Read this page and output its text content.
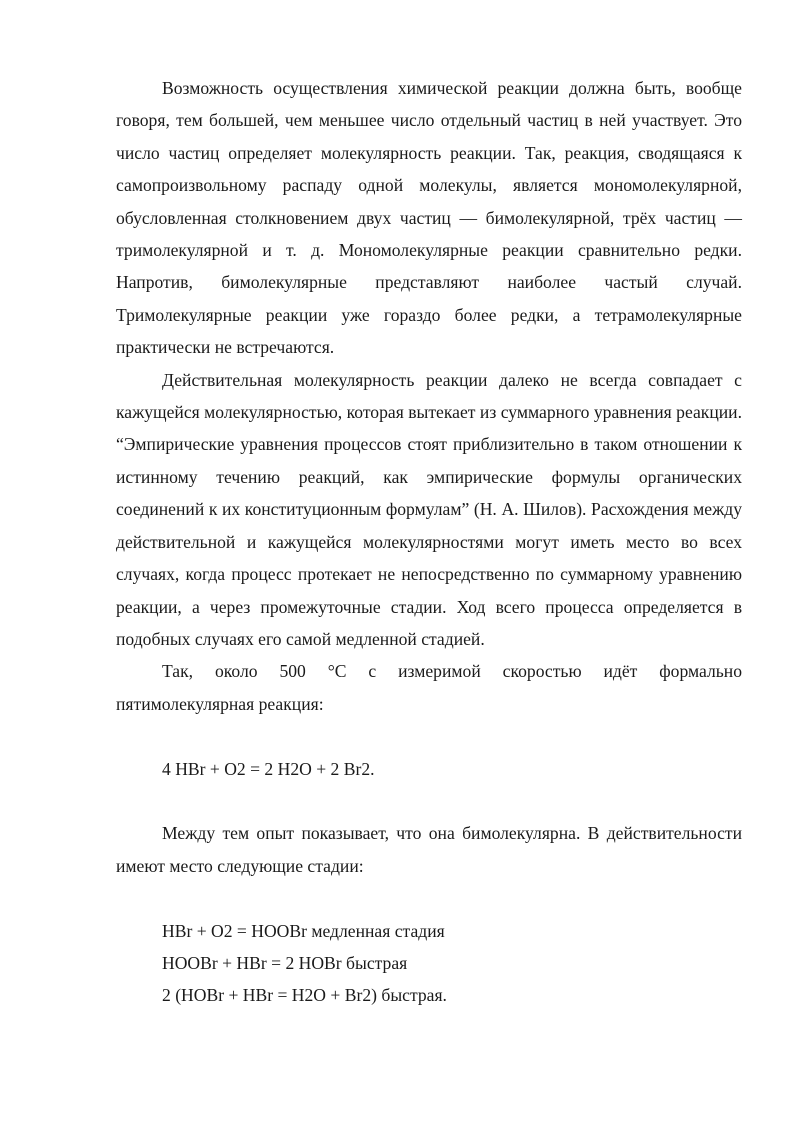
Возможность осуществления химической реакции должна быть, вообще говоря, тем большей, чем меньшее число отдельный частиц в ней участвует. Это число частиц определяет молекулярность реакции. Так, реакция, сводящаяся к самопроизвольному распаду одной молекулы, является мономолекулярной, обусловленная столкновением двух частиц — бимолекулярной, трёх частиц — тримолекулярной и т. д. Мономолекулярные реакции сравнительно редки. Напротив, бимолекулярные представляют наиболее частый случай. Тримолекулярные реакции уже гораздо более редки, а тетрамолекулярные практически не встречаются.

Действительная молекулярность реакции далеко не всегда совпадает с кажущейся молекулярностью, которая вытекает из суммарного уравнения реакции. “Эмпирические уравнения процессов стоят приблизительно в таком отношении к истинному течению реакций, как эмпирические формулы органических соединений к их конституционным формулам” (Н. А. Шилов). Расхождения между действительной и кажущейся молекулярностями могут иметь место во всех случаях, когда процесс протекает не непосредственно по суммарному уравнению реакции, а через промежуточные стадии. Ход всего процесса определяется в подобных случаях его самой медленной стадией.

Так, около 500 °С с измеримой скоростью идёт формально пятимолекулярная реакция:

4 HBr + O2 = 2 H2O + 2 Br2.

Между тем опыт показывает, что она бимолекулярна. В действительности имеют место следующие стадии:

HBr + O2 = HOOBr медленная стадия

HOOBr + HBr = 2 HOBr быстрая

2 (HOBr + HBr = H2O + Br2) быстрая.
